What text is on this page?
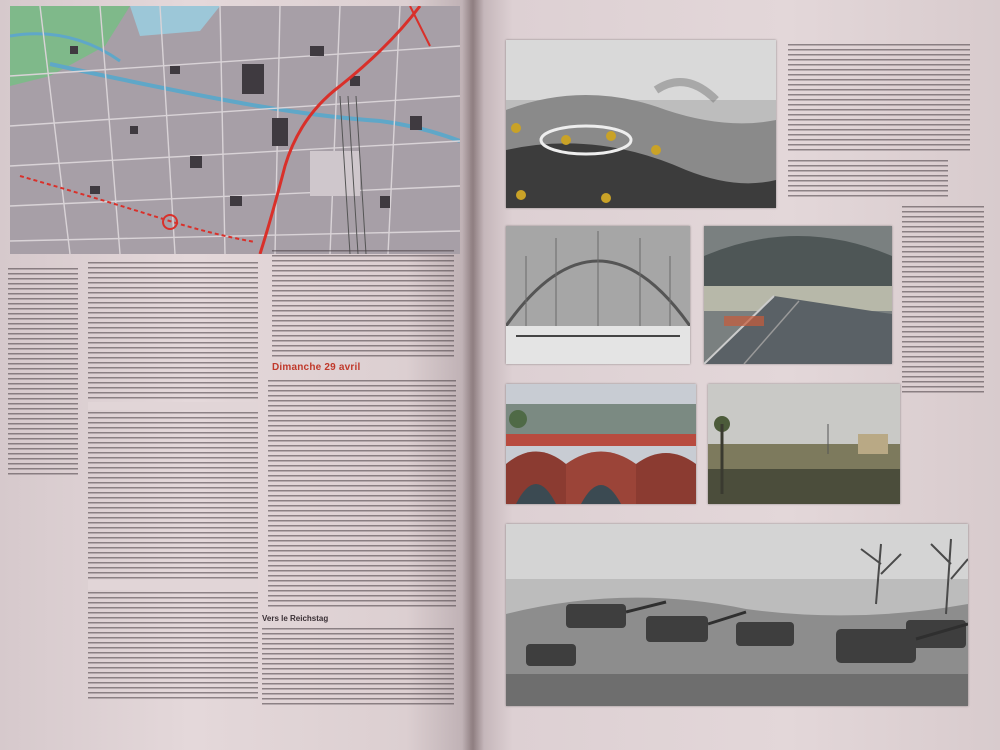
Dimanche 29 avril
Vers le Reichstag
